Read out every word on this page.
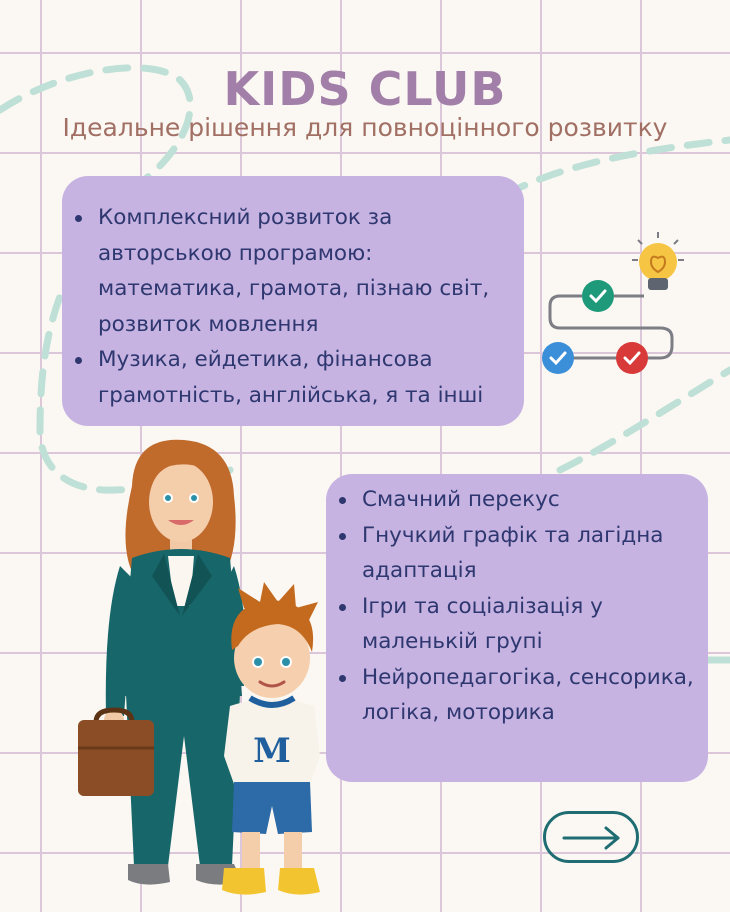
KIDS CLUB
Ідеальне рішення для повноцінного розвитку
Комплексний розвиток за авторською програмою: математика, грамота, пізнаю світ, розвиток мовлення
Музика, ейдетика, фінансова грамотність, англійська, я та інші
M
Смачний перекус
Гнучкий графік та лагідна адаптація
Ігри та соціалізація у маленькій групі
Нейропедагогіка, сенсорика, логіка, моторика
